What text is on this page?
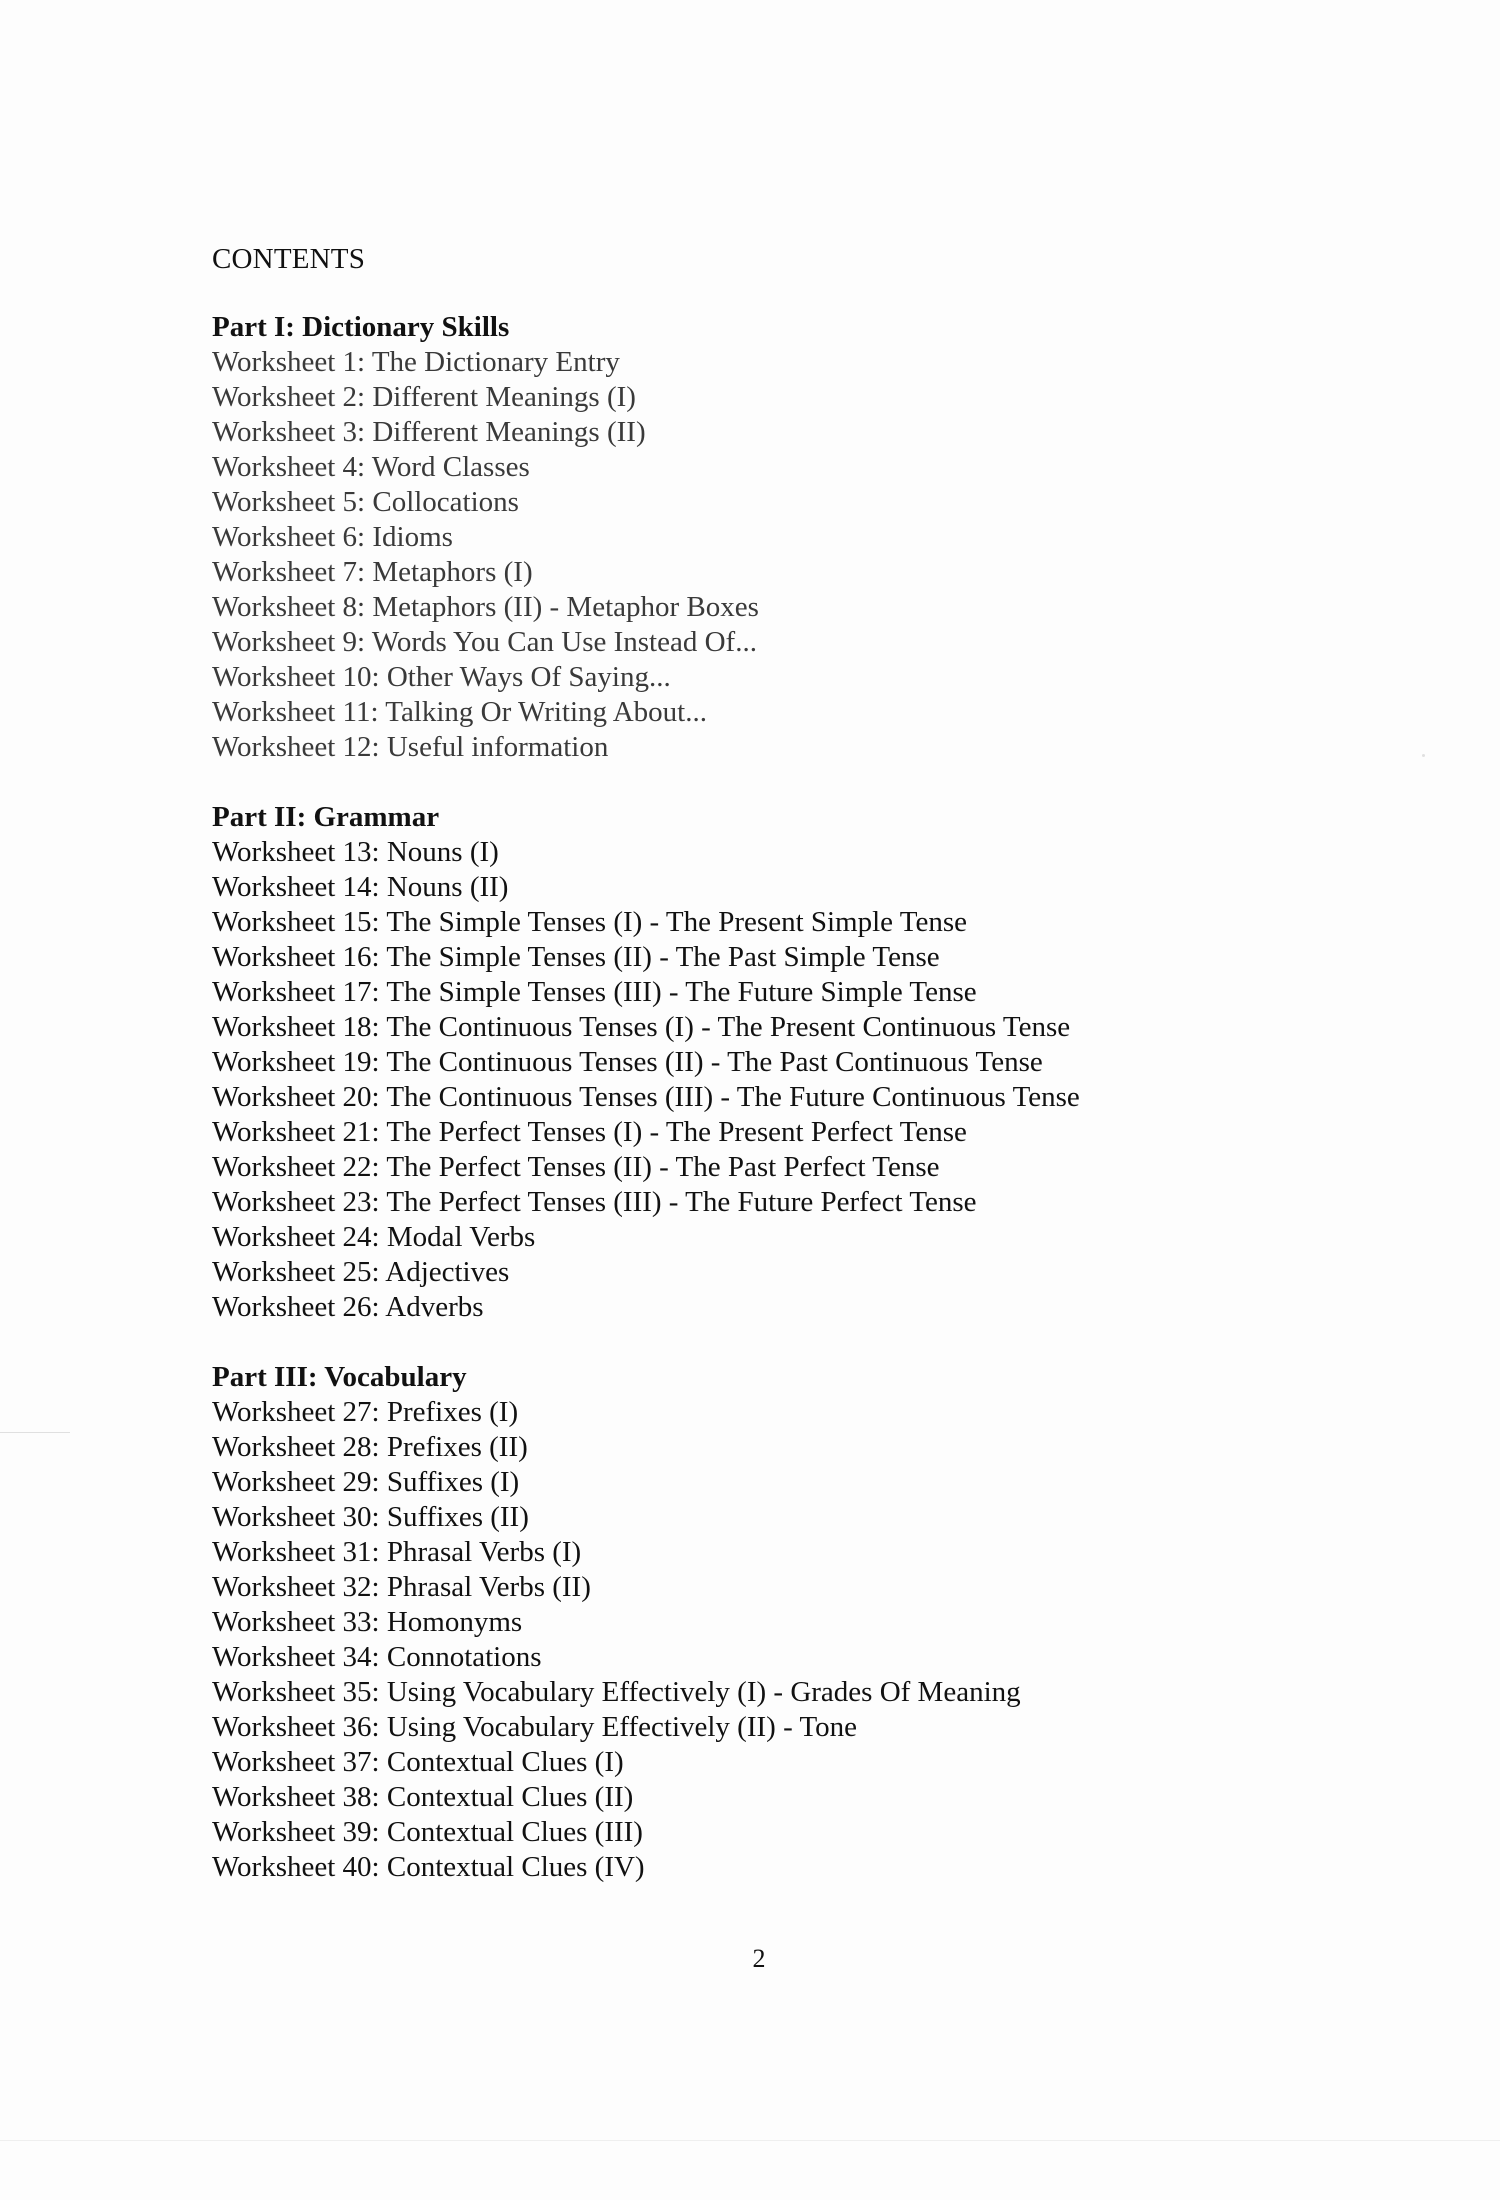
CONTENTS
Part I: Dictionary Skills
Worksheet 1: The Dictionary Entry
Worksheet 2: Different Meanings (I)
Worksheet 3: Different Meanings (II)
Worksheet 4: Word Classes
Worksheet 5: Collocations
Worksheet 6: Idioms
Worksheet 7: Metaphors (I)
Worksheet 8: Metaphors (II) - Metaphor Boxes
Worksheet 9: Words You Can Use Instead Of...
Worksheet 10: Other Ways Of Saying...
Worksheet 11: Talking Or Writing About...
Worksheet 12: Useful information
Part II: Grammar
Worksheet 13: Nouns (I)
Worksheet 14: Nouns (II)
Worksheet 15: The Simple Tenses (I) - The Present Simple Tense
Worksheet 16: The Simple Tenses (II) - The Past Simple Tense
Worksheet 17: The Simple Tenses (III) - The Future Simple Tense
Worksheet 18: The Continuous Tenses (I) - The Present Continuous Tense
Worksheet 19: The Continuous Tenses (II) - The Past Continuous Tense
Worksheet 20: The Continuous Tenses (III) - The Future Continuous Tense
Worksheet 21: The Perfect Tenses (I) - The Present Perfect Tense
Worksheet 22: The Perfect Tenses (II) - The Past Perfect Tense
Worksheet 23: The Perfect Tenses (III) - The Future Perfect Tense
Worksheet 24: Modal Verbs
Worksheet 25: Adjectives
Worksheet 26: Adverbs
Part III: Vocabulary
Worksheet 27: Prefixes (I)
Worksheet 28: Prefixes (II)
Worksheet 29: Suffixes (I)
Worksheet 30: Suffixes (II)
Worksheet 31: Phrasal Verbs (I)
Worksheet 32: Phrasal Verbs (II)
Worksheet 33: Homonyms
Worksheet 34: Connotations
Worksheet 35: Using Vocabulary Effectively (I) - Grades Of Meaning
Worksheet 36: Using Vocabulary Effectively (II) - Tone
Worksheet 37: Contextual Clues (I)
Worksheet 38: Contextual Clues (II)
Worksheet 39: Contextual Clues (III)
Worksheet 40: Contextual Clues (IV)
2
